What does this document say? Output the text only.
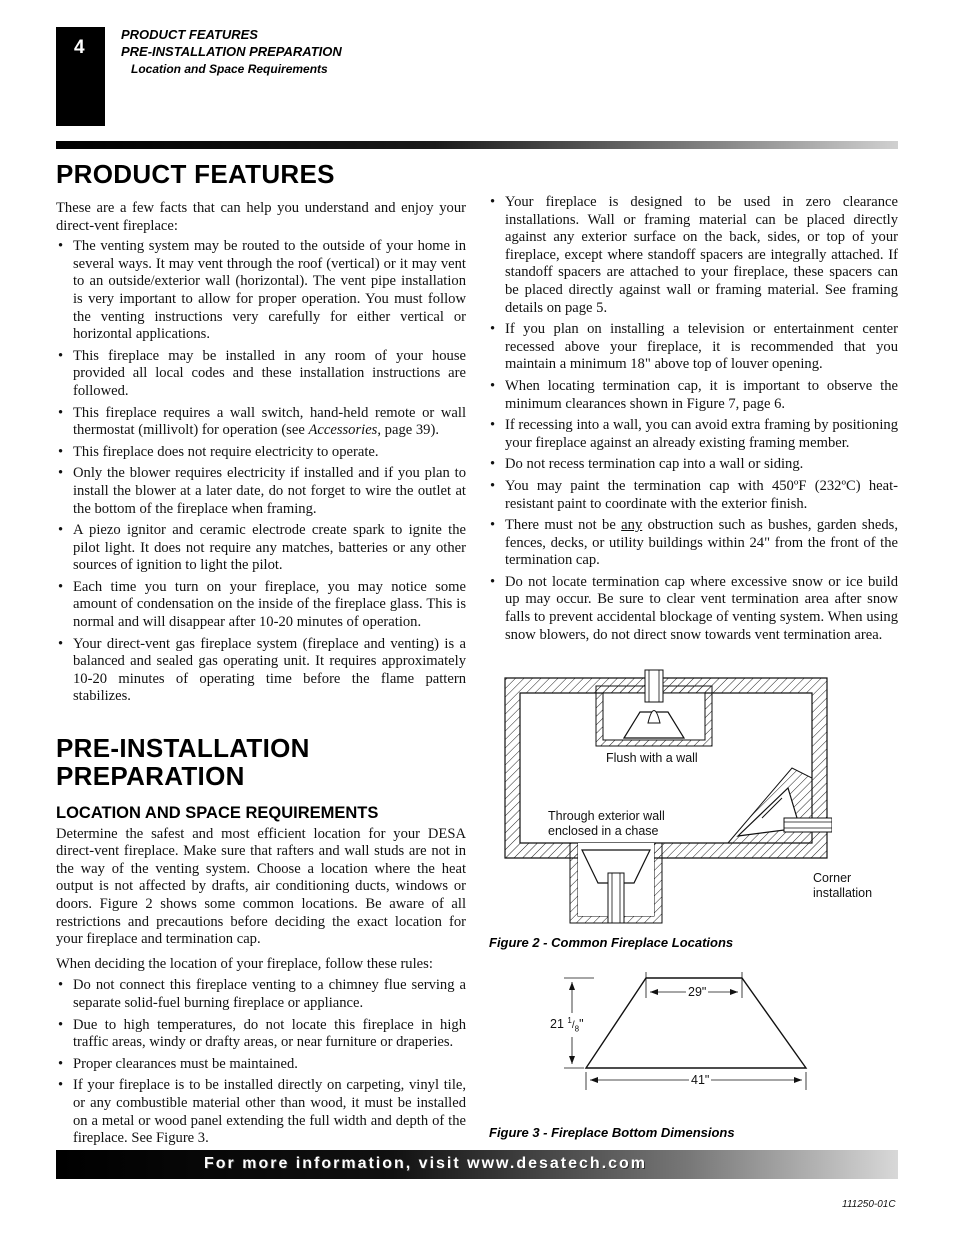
4
PRODUCT FEATURES
PRE-INSTALLATION PREPARATION
Location and Space Requirements
PRODUCT FEATURES

These are a few facts that can help you understand and enjoy your direct-vent fireplace:

• The venting system may be routed to the outside of your home in several ways. It may vent through the roof (vertical) or it may vent to an outside/exterior wall (horizontal). The vent pipe installation is very important to allow for proper operation. You must follow the venting instructions very carefully for either vertical or horizontal applications.
• This fireplace may be installed in any room of your house provided all local codes and these installation instructions are followed.
• This fireplace requires a wall switch, hand-held remote or wall thermostat (millivolt) for operation (see Accessories, page 39).
• This fireplace does not require electricity to operate.
• Only the blower requires electricity if installed and if you plan to install the blower at a later date, do not forget to wire the outlet at the bottom of the fireplace when framing.
• A piezo ignitor and ceramic electrode create spark to ignite the pilot light. It does not require any matches, batteries or any other sources of ignition to light the pilot.
• Each time you turn on your fireplace, you may notice some amount of condensation on the inside of the fireplace glass. This is normal and will disappear after 10-20 minutes of operation.
• Your direct-vent gas fireplace system (fireplace and venting) is a balanced and sealed gas operating unit. It requires approximately 10-20 minutes of operating time before the flame pattern stabilizes.
PRE-INSTALLATION
PREPARATION
LOCATION AND SPACE REQUIREMENTS

Determine the safest and most efficient location for your DESA direct-vent fireplace. Make sure that rafters and wall studs are not in the way of the venting system. Choose a location where the heat output is not affected by drafts, air conditioning ducts, windows or doors. Figure 2 shows some common locations. Be aware of all restrictions and precautions before deciding the exact location for your fireplace and termination cap.

When deciding the location of your fireplace, follow these rules:

• Do not connect this fireplace venting to a chimney flue serving a separate solid-fuel burning fireplace or appliance.
• Due to high temperatures, do not locate this fireplace in high traffic areas, windy or drafty areas, or near furniture or draperies.
• Proper clearances must be maintained.
• If your fireplace is to be installed directly on carpeting, vinyl tile, or any combustible material other than wood, it must be installed on a metal or wood panel extending the full width and depth of the fireplace. See Figure 3.
• Your fireplace is designed to be used in zero clearance installations. Wall or framing material can be placed directly against any exterior surface on the back, sides, or top of your fireplace, except where standoff spacers are integrally attached. If standoff spacers are attached to your fireplace, these spacers can be placed directly against wall or framing material. See framing details on page 5.
• If you plan on installing a television or entertainment center recessed above your fireplace, it is recommended that you maintain a minimum 18" above top of louver opening.
• When locating termination cap, it is important to observe the minimum clearances shown in Figure 7, page 6.
• If recessing into a wall, you can avoid extra framing by positioning your fireplace against an already existing framing member.
• Do not recess termination cap into a wall or siding.
• You may paint the termination cap with 450ºF (232ºC) heat-resistant paint to coordinate with the exterior finish.
• There must not be any obstruction such as bushes, garden sheds, fences, decks, or utility buildings within 24" from the front of the termination cap.
• Do not locate termination cap where excessive snow or ice build up may occur. Be sure to clear vent termination area after snow falls to prevent accidental blockage of venting system. When using snow blowers, do not direct snow towards vent termination area.
Flush with a wall
Through exterior wall
enclosed in a chase
Corner
installation
Figure 2 - Common Fireplace Locations
29"
21 $^1/_8$"
41"
Figure 3 - Fireplace Bottom Dimensions
For more information, visit www.desatech.com
111250-01C
